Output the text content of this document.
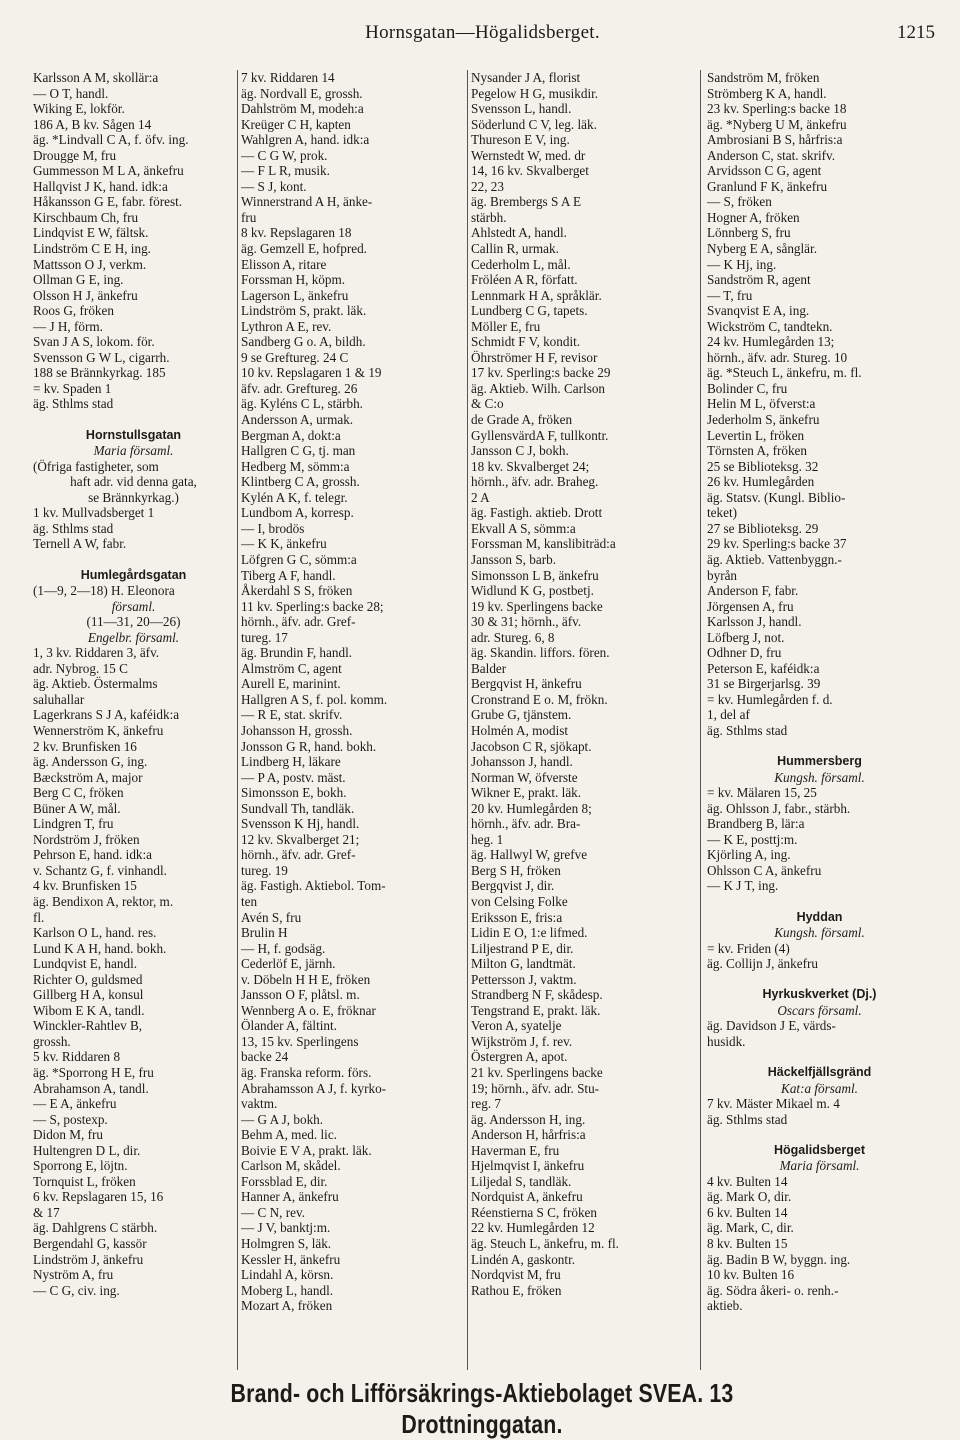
Hornsgatan—Högalidsberget.	1215
Karlsson A M, skollär:a
— O T, handl.
Wiking E, lokför.
186 A, B kv. Sågen 14
äg. *Lindvall C A, f. öfv. ing.
Drougge M, fru
Gummesson M L A, änkefru
Hallqvist J K, hand. idk:a
Håkansson G E, fabr. förest.
Kirschbaum Ch, fru
Lindqvist E W, fältsk.
Lindström C E H, ing.
Mattsson O J, verkm.
Ollman G E, ing.
Olsson H J, änkefru
Roos G, fröken
— J H, förm.
Svan J A S, lokom. för.
Svensson G W L, cigarrh.
188 se Brännkyrkag. 185
= kv. Spaden 1
äg. Sthlms stad
Hornstullsgatan
Maria församl.
(Öfriga fastigheter, som
haft adr. vid denna gata,
se Brännkyrkag.)
1 kv. Mullvadsberget 1
äg. Sthlms stad
Ternell A W, fabr.
Humlegårdsgatan
(1—9, 2—18) H. Eleonora
församl.
(11—31, 20—26)
Engelbr. församl.
1, 3 kv. Riddaren 3, äfv.
adr. Nybrog. 15 C
äg. Aktieb. Östermalms
saluhallar
Lagerkrans S J A, kaféidk:a
Wennerström K, änkefru
2 kv. Brunfisken 16
äg. Andersson G, ing.
Bæckström A, major
Berg C C, fröken
Büner A W, mål.
Lindgren T, fru
Nordström J, fröken
Pehrson E, hand. idk:a
v. Schantz G, f. vinhandl.
4 kv. Brunfisken 15
äg. Bendixon A, rektor, m.
fl.
Karlson O L, hand. res.
Lund K A H, hand. bokh.
Lundqvist E, handl.
Richter O, guldsmed
Gillberg H A, konsul
Wibom E K A, tandl.
Winckler-Rahtlev B,
grossh.
5 kv. Riddaren 8
äg. *Sporrong H E, fru
Abrahamson A, tandl.
— E A, änkefru
— S, postexp.
Didon M, fru
Hultengren D L, dir.
Sporrong E, löjtn.
Tornquist L, fröken
6 kv. Repslagaren 15, 16
& 17
äg. Dahlgrens C stärbh.
Bergendahl G, kassör
Lindström J, änkefru
Nyström A, fru
— C G, civ. ing.
7 kv. Riddaren 14
äg. Nordvall E, grossh.
Dahlström M, modeh:a
Kreüger C H, kapten
Wahlgren A, hand. idk:a
— C G W, prok.
— F L R, musik.
— S J, kont.
Winnerstrand A H, änke-
fru
8 kv. Repslagaren 18
äg. Gemzell E, hofpred.
Elisson A, ritare
Forssman H, köpm.
Lagerson L, änkefru
Lindström S, prakt. läk.
Lythron A E, rev.
Sandberg G o. A, bildh.
9 se Greftureg. 24 C
10 kv. Repslagaren 1 & 19
äfv. adr. Greftureg. 26
äg. Kyléns C L, stärbh.
Andersson A, urmak.
Bergman A, dokt:a
Hallgren C G, tj. man
Hedberg M, sömm:a
Klintberg C A, grossh.
Kylén A K, f. telegr.
Lundbom A, korresp.
— I, brodös
— K K, änkefru
Löfgren G C, sömm:a
Tiberg A F, handl.
Åkerdahl S S, fröken
11 kv. Sperling:s backe 28;
hörnh., äfv. adr. Gref-
tureg. 17
äg. Brundin F, handl.
Almström C, agent
Aurell E, marinint.
Hallgren A S, f. pol. komm.
— R E, stat. skrifv.
Johansson H, grossh.
Jonsson G R, hand. bokh.
Lindberg H, läkare
— P A, postv. mäst.
Simonsson E, bokh.
Sundvall Th, tandläk.
Svensson K Hj, handl.
12 kv. Skvalberget 21;
hörnh., äfv. adr. Gref-
tureg. 19
äg. Fastigh. Aktiebol. Tom-
ten
Avén S, fru
Brulin H
— H, f. godsäg.
Cederlöf E, järnh.
v. Döbeln H H E, fröken
Jansson O F, plåtsl. m.
Wennberg A o. E, fröknar
Ölander A, fältint.
13, 15 kv. Sperlingens
backe 24
äg. Franska reform. förs.
Abrahamsson A J, f. kyrko-
vaktm.
— G A J, bokh.
Behm A, med. lic.
Boivie E V A, prakt. läk.
Carlson M, skådel.
Forssblad E, dir.
Hanner A, änkefru
— C N, rev.
— J V, banktj:m.
Holmgren S, läk.
Kessler H, änkefru
Lindahl A, körsn.
Moberg L, handl.
Mozart A, fröken
Nysander J A, florist
Pegelow H G, musikdir.
Svensson L, handl.
Söderlund C V, leg. läk.
Thureson E V, ing.
Wernstedt W, med. dr
14, 16 kv. Skvalberget
22, 23
äg. Brembergs S A E
stärbh.
Ahlstedt A, handl.
Callin R, urmak.
Cederholm L, mål.
Fröléen A R, författ.
Lennmark H A, språklär.
Lundberg C G, tapets.
Möller E, fru
Schmidt F V, kondit.
Öhrströmer H F, revisor
17 kv. Sperling:s backe 29
äg. Aktieb. Wilh. Carlson
& C:o
de Grade A, fröken
GyllensvärdA F, tullkontr.
Jansson C J, bokh.
18 kv. Skvalberget 24;
hörnh., äfv. adr. Braheg.
2 A
äg. Fastigh. aktieb. Drott
Ekvall A S, sömm:a
Forssman M, kanslibiträd:a
Jansson S, barb.
Simonsson L B, änkefru
Widlund K G, postbetj.
19 kv. Sperlingens backe
30 & 31; hörnh., äfv.
adr. Stureg. 6, 8
äg. Skandin. liffors. fören.
Balder
Bergqvist H, änkefru
Cronstrand E o. M, frökn.
Grube G, tjänstem.
Holmén A, modist
Jacobson C R, sjökapt.
Johansson J, handl.
Norman W, öfverste
Wikner E, prakt. läk.
20 kv. Humlegården 8;
hörnh., äfv. adr. Bra-
heg. 1
äg. Hallwyl W, grefve
Berg S H, fröken
Bergqvist J, dir.
von Celsing Folke
Eriksson E, fris:a
Lidin E O, 1:e lifmed.
Liljestrand P E, dir.
Milton G, landtmät.
Pettersson J, vaktm.
Strandberg N F, skådesp.
Tengstrand E, prakt. läk.
Veron A, syatelje
Wijkström J, f. rev.
Östergren A, apot.
21 kv. Sperlingens backe
19; hörnh., äfv. adr. Stu-
reg. 7
äg. Andersson H, ing.
Anderson H, hårfris:a
Haverman E, fru
Hjelmqvist I, änkefru
Liljedal S, tandläk.
Nordquist A, änkefru
Réenstierna S C, fröken
22 kv. Humlegården 12
äg. Steuch L, änkefru, m. fl.
Lindén A, gaskontr.
Nordqvist M, fru
Rathou E, fröken
Sandström M, fröken
Strömberg K A, handl.
23 kv. Sperling:s backe 18
äg. *Nyberg U M, änkefru
Ambrosiani B S, hårfris:a
Anderson C, stat. skrifv.
Arvidsson C G, agent
Granlund F K, änkefru
— S, fröken
Hogner A, fröken
Lönnberg S, fru
Nyberg E A, sånglär.
— K Hj, ing.
Sandström R, agent
— T, fru
Svanqvist E A, ing.
Wickström C, tandtekn.
24 kv. Humlegården 13;
hörnh., äfv. adr. Stureg. 10
äg. *Steuch L, änkefru, m. fl.
Bolinder C, fru
Helin M L, öfverst:a
Jederholm S, änkefru
Levertin L, fröken
Törnsten A, fröken
25 se Biblioteksg. 32
26 kv. Humlegården
äg. Statsv. (Kungl. Biblio-
teket)
27 se Biblioteksg. 29
29 kv. Sperling:s backe 37
äg. Aktieb. Vattenbyggn.-
byrån
Anderson F, fabr.
Jörgensen A, fru
Karlsson J, handl.
Löfberg J, not.
Odhner D, fru
Peterson E, kaféidk:a
31 se Birgerjarlsg. 39
= kv. Humlegården f. d.
1, del af
äg. Sthlms stad
Hummersberg
Kungsh. församl.
= kv. Mälaren 15, 25
äg. Ohlsson J, fabr., stärbh.
Brandberg B, lär:a
— K E, posttj:m.
Kjörling A, ing.
Ohlsson C A, änkefru
— K J T, ing.
Hyddan
Kungsh. församl.
= kv. Friden (4)
äg. Collijn J, änkefru
Hyrkuskverket (Dj.)
Oscars församl.
äg. Davidson J E, värds-
husidk.
Häckelfjällsgränd
Kat:a församl.
7 kv. Mäster Mikael m. 4
äg. Sthlms stad
Högalidsberget
Maria församl.
4 kv. Bulten 14
äg. Mark O, dir.
6 kv. Bulten 14
äg. Mark, C, dir.
8 kv. Bulten 15
äg. Badin B W, byggn. ing.
10 kv. Bulten 16
äg. Södra åkeri- o. renh.-
aktieb.
Brand- och Lifförsäkrings-Aktiebolaget SVEA. 13 Drottninggatan.
